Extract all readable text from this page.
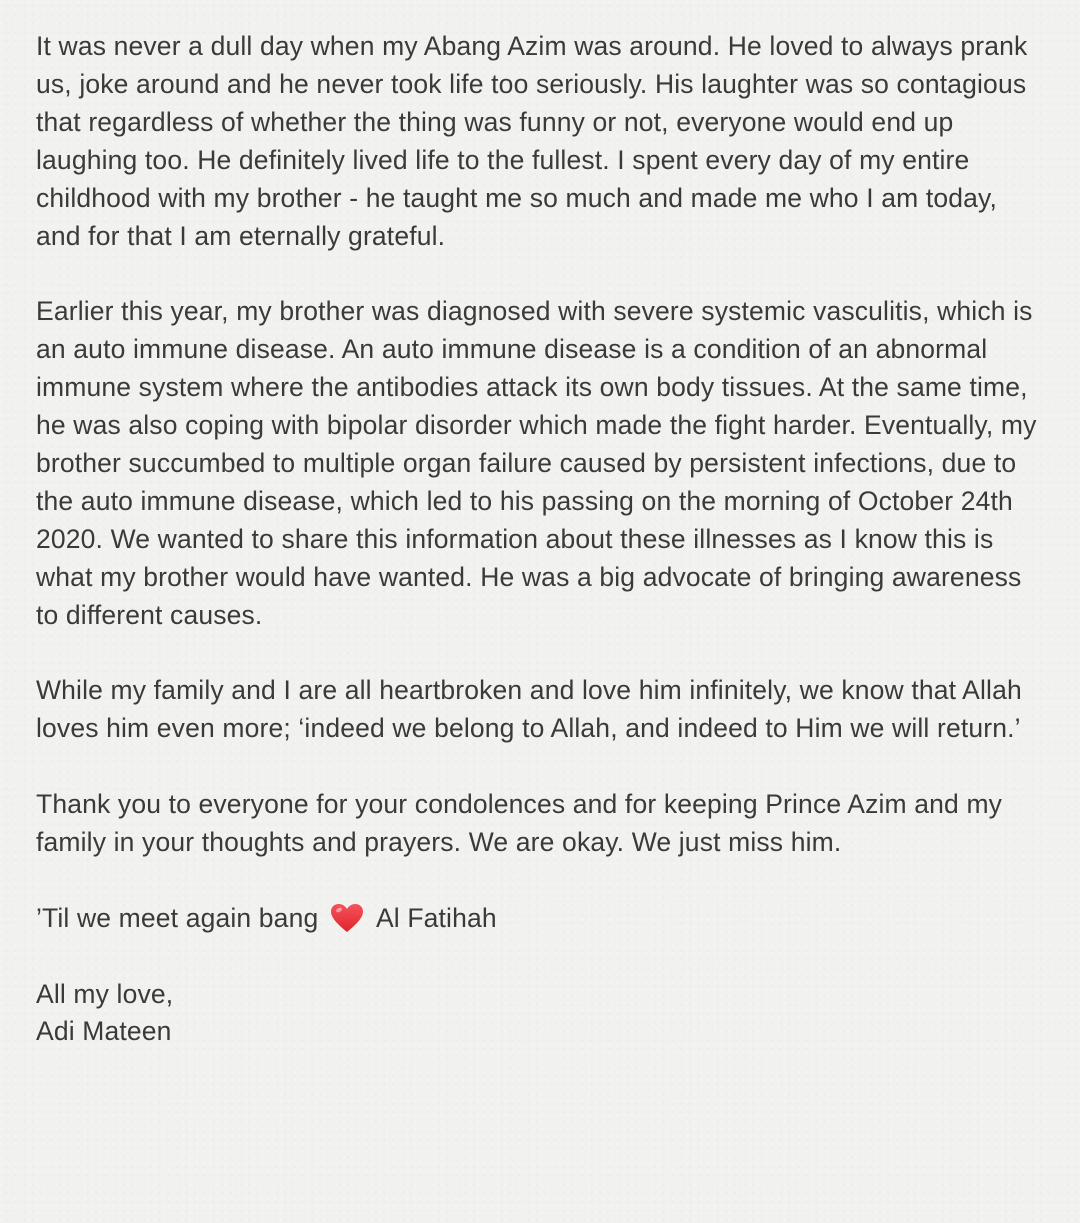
It was never a dull day when my Abang Azim was around. He loved to always prank us, joke around and he never took life too seriously. His laughter was so contagious that regardless of whether the thing was funny or not, everyone would end up laughing too. He definitely lived life to the fullest. I spent every day of my entire childhood with my brother - he taught me so much and made me who I am today, and for that I am eternally grateful.

Earlier this year, my brother was diagnosed with severe systemic vasculitis, which is an auto immune disease. An auto immune disease is a condition of an abnormal immune system where the antibodies attack its own body tissues. At the same time, he was also coping with bipolar disorder which made the fight harder. Eventually, my brother succumbed to multiple organ failure caused by persistent infections, due to the auto immune disease, which led to his passing on the morning of October 24th 2020. We wanted to share this information about these illnesses as I know this is what my brother would have wanted. He was a big advocate of bringing awareness to different causes.

While my family and I are all heartbroken and love him infinitely, we know that Allah loves him even more; ‘indeed we belong to Allah, and indeed to Him we will return.’

Thank you to everyone for your condolences and for keeping Prince Azim and my family in your thoughts and prayers. We are okay. We just miss him.

’Til we meet again bang Al Fatihah

All my love,

Adi Mateen
